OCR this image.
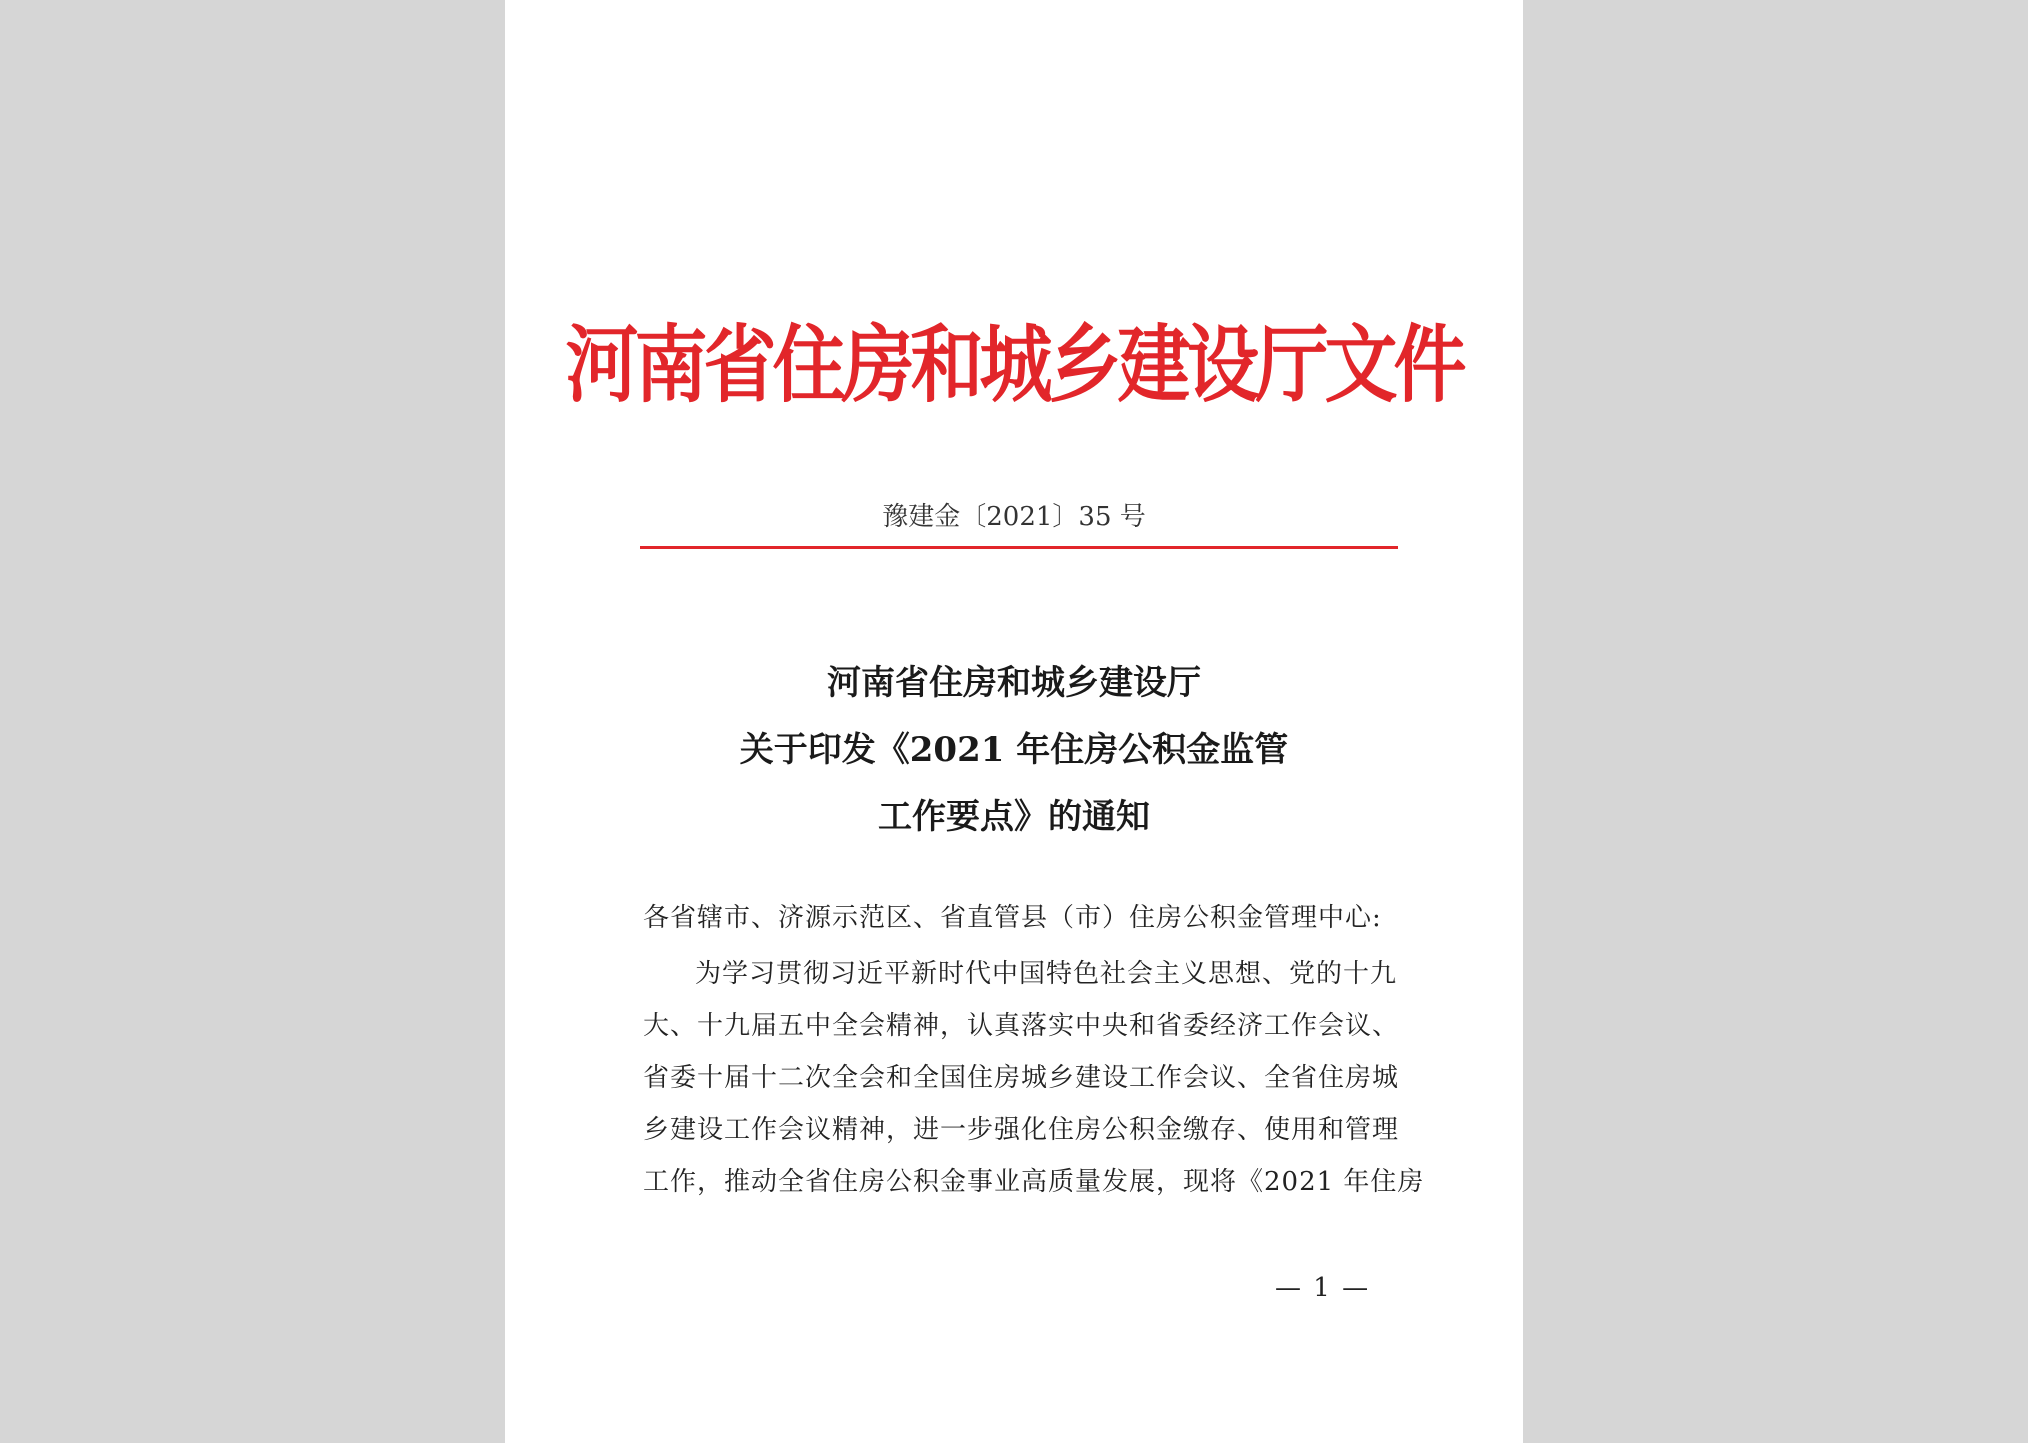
河南省住房和城乡建设厅文件
豫建金〔2021〕35 号
河南省住房和城乡建设厅
关于印发《2021 年住房公积金监管
工作要点》的通知
各省辖市、济源示范区、省直管县（市）住房公积金管理中心:
为学习贯彻习近平新时代中国特色社会主义思想、党的十九
大、十九届五中全会精神，认真落实中央和省委经济工作会议、
省委十届十二次全会和全国住房城乡建设工作会议、全省住房城
乡建设工作会议精神，进一步强化住房公积金缴存、使用和管理
工作，推动全省住房公积金事业高质量发展，现将《2021 年住房
— 1 —
